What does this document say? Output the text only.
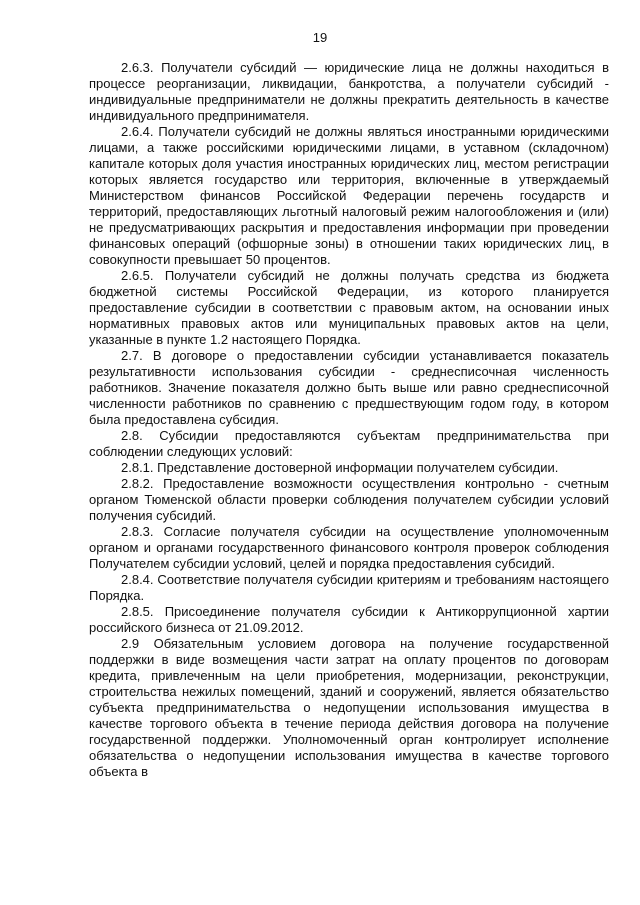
19

2.6.3. Получатели субсидий — юридические лица не должны находиться в процессе реорганизации, ликвидации, банкротства, а получатели субсидий - индивидуальные предприниматели не должны прекратить деятельность в качестве индивидуального предпринимателя.

2.6.4. Получатели субсидий не должны являться иностранными юридическими лицами, а также российскими юридическими лицами, в уставном (складочном) капитале которых доля участия иностранных юридических лиц, местом регистрации которых является государство или территория, включенные в утверждаемый Министерством финансов Российской Федерации перечень государств и территорий, предоставляющих льготный налоговый режим налогообложения и (или) не предусматривающих раскрытия и предоставления информации при проведении финансовых операций (офшорные зоны) в отношении таких юридических лиц, в совокупности превышает 50 процентов.

2.6.5. Получатели субсидий не должны получать средства из бюджета бюджетной системы Российской Федерации, из которого планируется предоставление субсидии в соответствии с правовым актом, на основании иных нормативных правовых актов или муниципальных правовых актов на цели, указанные в пункте 1.2 настоящего Порядка.

2.7. В договоре о предоставлении субсидии устанавливается показатель результативности использования субсидии - среднесписочная численность работников. Значение показателя должно быть выше или равно среднесписочной численности работников по сравнению с предшествующим годом году, в котором была предоставлена субсидия.

2.8. Субсидии предоставляются субъектам предпринимательства при соблюдении следующих условий:

2.8.1. Представление достоверной информации получателем субсидии.

2.8.2. Предоставление возможности осуществления контрольно - счетным органом Тюменской области проверки соблюдения получателем субсидии условий получения субсидий.

2.8.3. Согласие получателя субсидии на осуществление уполномоченным органом и органами государственного финансового контроля проверок соблюдения Получателем субсидии условий, целей и порядка предоставления субсидий.

2.8.4. Соответствие получателя субсидии критериям и требованиям настоящего Порядка.

2.8.5. Присоединение получателя субсидии к Антикоррупционной хартии российского бизнеса от 21.09.2012.

2.9 Обязательным условием договора на получение государственной поддержки в виде возмещения части затрат на оплату процентов по договорам кредита, привлеченным на цели приобретения, модернизации, реконструкции, строительства нежилых помещений, зданий и сооружений, является обязательство субъекта предпринимательства о недопущении использования имущества в качестве торгового объекта в течение периода действия договора на получение государственной поддержки. Уполномоченный орган контролирует исполнение обязательства о недопущении использования имущества в качестве торгового объекта в
